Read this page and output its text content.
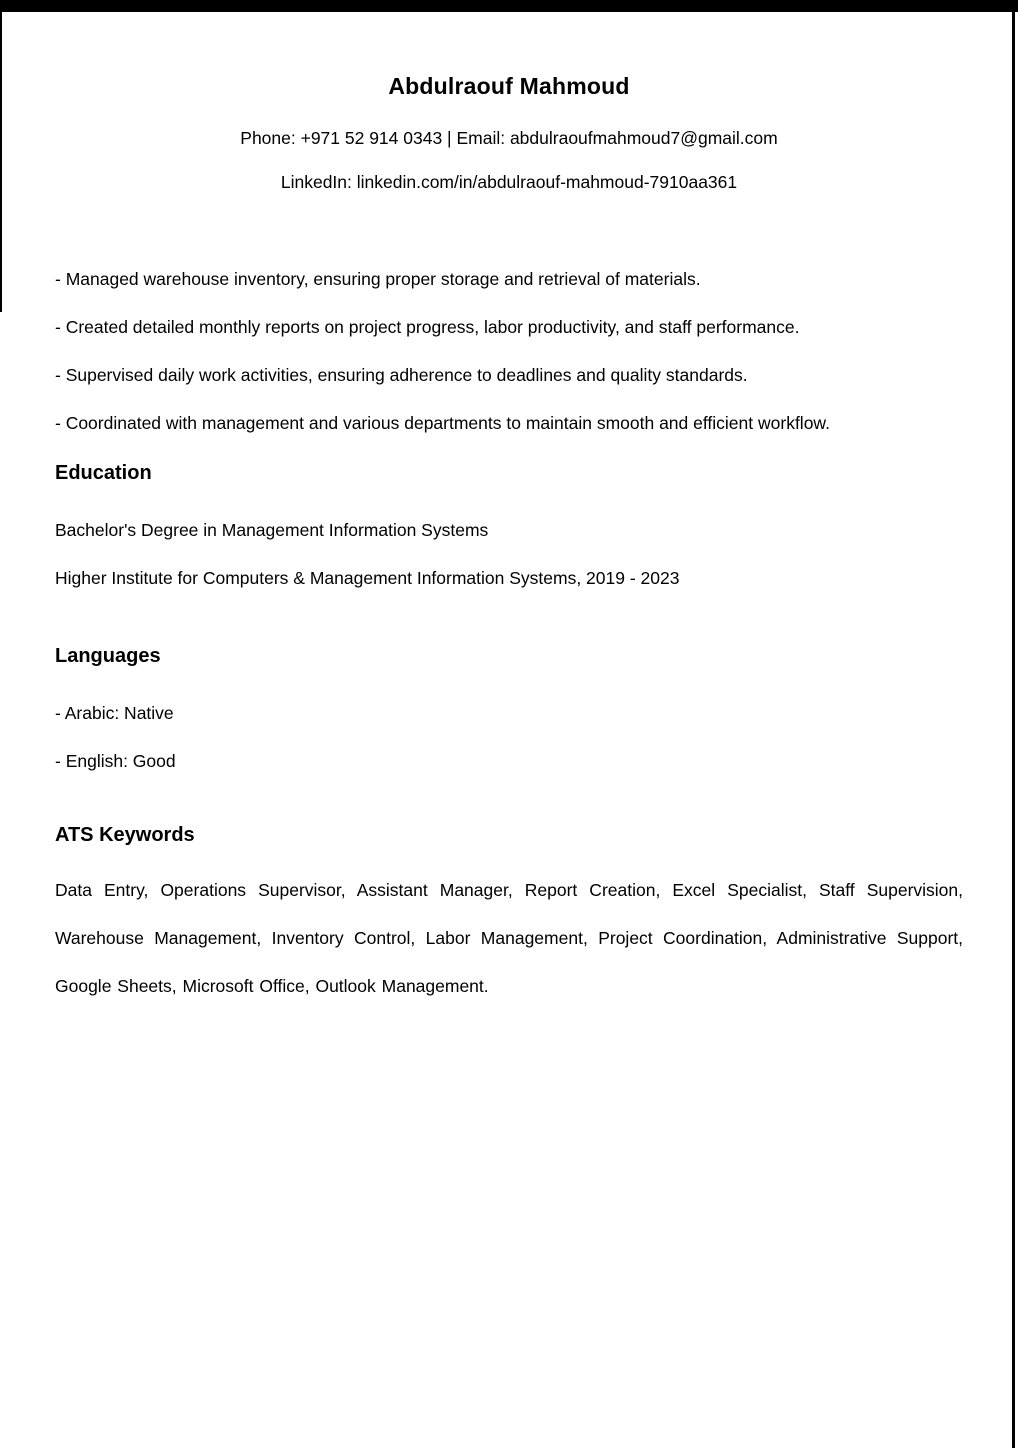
Abdulraouf Mahmoud

Phone: +971 52 914 0343 | Email: abdulraoufmahmoud7@gmail.com

LinkedIn: linkedin.com/in/abdulraouf-mahmoud-7910aa361

- Managed warehouse inventory, ensuring proper storage and retrieval of materials.

- Created detailed monthly reports on project progress, labor productivity, and staff performance.

- Supervised daily work activities, ensuring adherence to deadlines and quality standards.

- Coordinated with management and various departments to maintain smooth and efficient workflow.

Education

Bachelor's Degree in Management Information Systems

Higher Institute for Computers & Management Information Systems, 2019 - 2023

Languages

- Arabic: Native

- English: Good

ATS Keywords

Data Entry, Operations Supervisor, Assistant Manager, Report Creation, Excel Specialist, Staff Supervision, Warehouse Management, Inventory Control, Labor Management, Project Coordination, Administrative Support, Google Sheets, Microsoft Office, Outlook Management.
